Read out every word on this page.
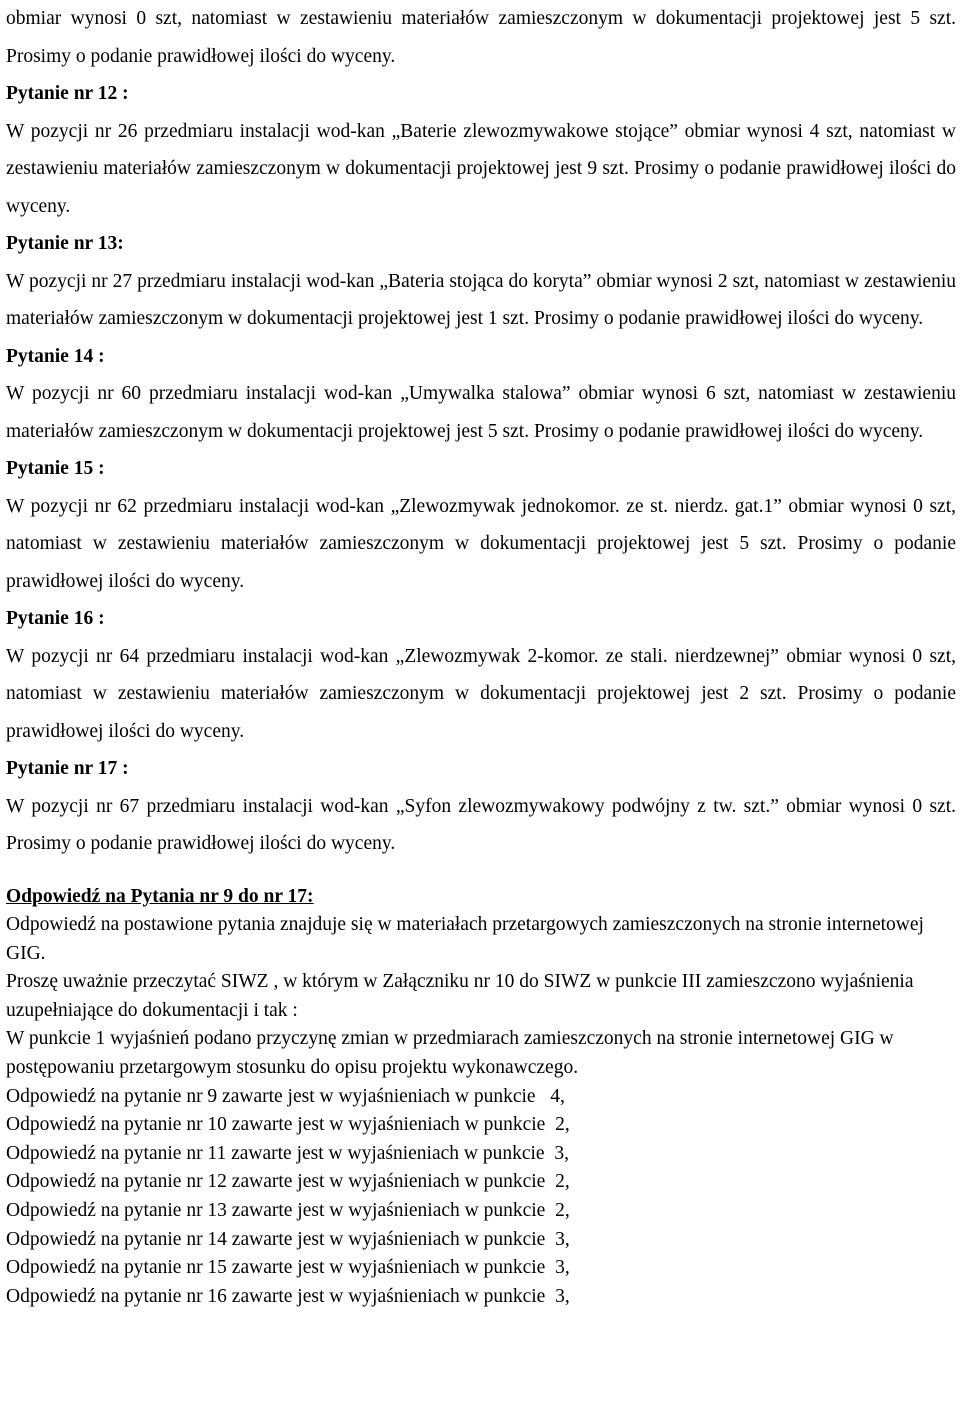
obmiar wynosi 0 szt, natomiast w zestawieniu materiałów zamieszczonym w dokumentacji projektowej jest 5 szt. Prosimy o podanie prawidłowej ilości do wyceny.

Pytanie nr 12 :

W pozycji nr 26 przedmiaru instalacji wod-kan „Baterie zlewozmywakowe stojące” obmiar wynosi 4 szt, natomiast w zestawieniu materiałów zamieszczonym w dokumentacji projektowej jest 9 szt. Prosimy o podanie prawidłowej ilości do wyceny.

Pytanie nr 13:

W pozycji nr 27 przedmiaru instalacji wod-kan „Bateria stojąca do koryta” obmiar wynosi 2 szt, natomiast w zestawieniu materiałów zamieszczonym w dokumentacji projektowej jest 1 szt. Prosimy o podanie prawidłowej ilości do wyceny.

Pytanie 14 :

W pozycji nr 60 przedmiaru instalacji wod-kan „Umywalka stalowa” obmiar wynosi 6 szt, natomiast w zestawieniu materiałów zamieszczonym w dokumentacji projektowej jest 5 szt. Prosimy o podanie prawidłowej ilości do wyceny.

Pytanie 15 :

W pozycji nr 62 przedmiaru instalacji wod-kan „Zlewozmywak jednokomor. ze st. nierdz. gat.1” obmiar wynosi 0 szt, natomiast w zestawieniu materiałów zamieszczonym w dokumentacji projektowej jest 5 szt. Prosimy o podanie prawidłowej ilości do wyceny.

Pytanie 16 :

W pozycji nr 64 przedmiaru instalacji wod-kan „Zlewozmywak 2-komor. ze stali. nierdzewnej” obmiar wynosi 0 szt, natomiast w zestawieniu materiałów zamieszczonym w dokumentacji projektowej jest 2 szt. Prosimy o podanie prawidłowej ilości do wyceny.

Pytanie nr 17 :

W pozycji nr 67 przedmiaru instalacji wod-kan „Syfon zlewozmywakowy podwójny z tw. szt.” obmiar wynosi 0 szt. Prosimy o podanie prawidłowej ilości do wyceny.

Odpowiedź na Pytania nr 9 do nr 17:

Odpowiedź na postawione pytania znajduje się w materiałach przetargowych zamieszczonych na stronie internetowej GIG.

Proszę uważnie przeczytać SIWZ , w którym w Załączniku nr 10 do SIWZ w punkcie III zamieszczono wyjaśnienia uzupełniające do dokumentacji i tak :

W punkcie 1 wyjaśnień podano przyczynę zmian w przedmiarach zamieszczonych na stronie internetowej GIG w postępowaniu przetargowym stosunku do opisu projektu wykonawczego.

Odpowiedź na pytanie nr 9 zawarte jest w wyjaśnieniach w punkcie   4,

Odpowiedź na pytanie nr 10 zawarte jest w wyjaśnieniach w punkcie  2,

Odpowiedź na pytanie nr 11 zawarte jest w wyjaśnieniach w punkcie  3,

Odpowiedź na pytanie nr 12 zawarte jest w wyjaśnieniach w punkcie  2,

Odpowiedź na pytanie nr 13 zawarte jest w wyjaśnieniach w punkcie  2,

Odpowiedź na pytanie nr 14 zawarte jest w wyjaśnieniach w punkcie  3,

Odpowiedź na pytanie nr 15 zawarte jest w wyjaśnieniach w punkcie  3,

Odpowiedź na pytanie nr 16 zawarte jest w wyjaśnieniach w punkcie  3,
